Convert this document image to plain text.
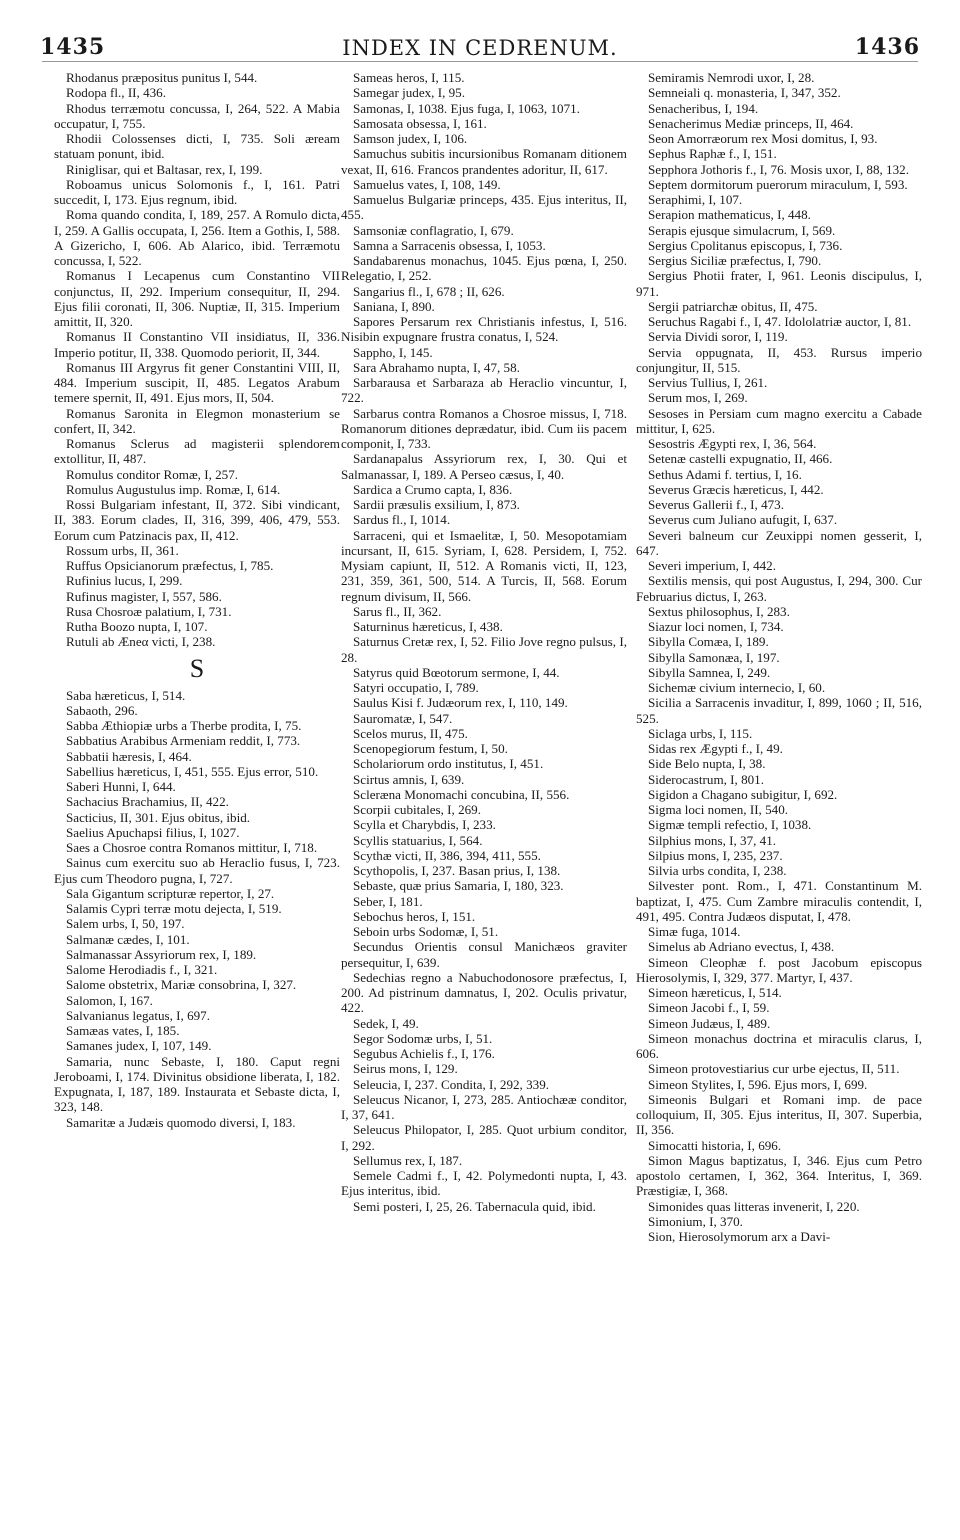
1435	INDEX IN CEDRENUM.	1436

Rhodanus præpositus punitus I, 544.

Rodopa fl., II, 436.

Rhodus terræmotu concussa, I, 264, 522. A Mabia occupatur, I, 755.

Rhodii Colossenses dicti, I, 735. Soli æream statuam ponunt, ibid.

Riniglisar, qui et Baltasar, rex, I, 199.

Roboamus unicus Solomonis f., I, 161. Patri succedit, I, 173. Ejus regnum, ibid.

Roma quando condita, I, 189, 257. A Romulo dicta, I, 259. A Gallis occupata, I, 256. Item a Gothis, I, 588. A Gizericho, I, 606. Ab Alarico, ibid. Terræmotu concussa, I, 522.

Romanus I Lecapenus cum Constantino VII conjunctus, II, 292. Imperium consequitur, II, 294. Ejus filii coronati, II, 306. Nuptiæ, II, 315. Imperium amittit, II, 320.

Romanus II Constantino VII insidiatus, II, 336. Imperio potitur, II, 338. Quomodo periorit, II, 344.

Romanus III Argyrus fit gener Constantini VIII, II, 484. Imperium suscipit, II, 485. Legatos Arabum temere spernit, II, 491. Ejus mors, II, 504.

Romanus Saronita in Elegmon monasterium se confert, II, 342.

Romanus Sclerus ad magisterii splendorem extollitur, II, 487.

Romulus conditor Romæ, I, 257.

Romulus Augustulus imp. Romæ, I, 614.

Rossi Bulgariam infestant, II, 372. Sibi vindicant, II, 383. Eorum clades, II, 316, 399, 406, 479, 553. Eorum cum Patzinacis pax, II, 412.

Rossum urbs, II, 361.

Ruffus Opsicianorum præfectus, I, 785.

Rufinius lucus, I, 299.

Rufinus magister, I, 557, 586.

Rusa Chosroæ palatium, I, 731.

Rutha Boozo nupta, I, 107.

Rutuli ab Æneα victi, I, 238.

S

Saba hæreticus, I, 514.

Sabaoth, 296.

Sabba Æthiopiæ urbs a Therbe prodita, I, 75.

Sabbatius Arabibus Armeniam reddit, I, 773.

Sabbatii hæresis, I, 464.

Sabellius hæreticus, I, 451, 555. Ejus error, 510.

Saberi Hunni, I, 644.

Sachacius Brachamius, II, 422.

Sacticius, II, 301. Ejus obitus, ibid.

Saelius Apuchapsi filius, I, 1027.

Saes a Chosroe contra Romanos mittitur, I, 718.

Sainus cum exercitu suo ab Heraclio fusus, I, 723. Ejus cum Theodoro pugna, I, 727.

Sala Gigantum scripturæ repertor, I, 27.

Salamis Cypri terræ motu dejecta, I, 519.

Salem urbs, I, 50, 197.

Salmanæ cædes, I, 101.

Salmanassar Assyriorum rex, I, 189.

Salome Herodiadis f., I, 321.

Salome obstetrix, Mariæ consobrina, I, 327.

Salomon, I, 167.

Salvanianus legatus, I, 697.

Samæas vates, I, 185.

Samanes judex, I, 107, 149.

Samaria, nunc Sebaste, I, 180. Caput regni Jeroboami, I, 174. Divinitus obsidione liberata, I, 182. Expugnata, I, 187, 189. Instaurata et Sebaste dicta, I, 323, 148.

Samaritæ a Judæis quomodo diversi, I, 183.

Sameas heros, I, 115.

Samegar judex, I, 95.

Samonas, I, 1038. Ejus fuga, I, 1063, 1071.

Samosata obsessa, I, 161.

Samson judex, I, 106.

Samuchus subitis incursionibus Romanam ditionem vexat, II, 616. Francos prandentes adoritur, II, 617.

Samuelus vates, I, 108, 149.

Samuelus Bulgariæ princeps, 435. Ejus interitus, II, 455.

Samsoniæ conflagratio, I, 679.

Samna a Sarracenis obsessa, I, 1053.

Sandabarenus monachus, 1045. Ejus pœna, I, 250. Relegatio, I, 252.

Sangarius fl., I, 678 ; II, 626.

Saniana, I, 890.

Sapores Persarum rex Christianis infestus, I, 516. Nisibin expugnare frustra conatus, I, 524.

Sappho, I, 145.

Sara Abrahamo nupta, I, 47, 58.

Sarbarausa et Sarbaraza ab Heraclio vincuntur, I, 722.

Sarbarus contra Romanos a Chosroe missus, I, 718. Romanorum ditiones deprædatur, ibid. Cum iis pacem componit, I, 733.

Sardanapalus Assyriorum rex, I, 30. Qui et Salmanassar, I, 189. A Perseo cæsus, I, 40.

Sardica a Crumo capta, I, 836.

Sardii præsulis exsilium, I, 873.

Sardus fl., I, 1014.

Sarraceni, qui et Ismaelitæ, I, 50. Mesopotamiam incursant, II, 615. Syriam, I, 628. Persidem, I, 752. Mysiam capiunt, II, 512. A Romanis victi, II, 123, 231, 359, 361, 500, 514. A Turcis, II, 568. Eorum regnum divisum, II, 566.

Sarus fl., II, 362.

Saturninus hæreticus, I, 438.

Saturnus Cretæ rex, I, 52. Filio Jove regno pulsus, I, 28.

Satyrus quid Bœotorum sermone, I, 44.

Satyri occupatio, I, 789.

Saulus Kisi f. Judæorum rex, I, 110, 149.

Sauromatæ, I, 547.

Scelos murus, II, 475.

Scenopegiorum festum, I, 50.

Scholariorum ordo institutus, I, 451.

Scirtus amnis, I, 639.

Scleræna Monomachi concubina, II, 556.

Scorpii cubitales, I, 269.

Scylla et Charybdis, I, 233.

Scyllis statuarius, I, 564.

Scythæ victi, II, 386, 394, 411, 555.

Scythopolis, I, 237. Basan prius, I, 138.

Sebaste, quæ prius Samaria, I, 180, 323.

Seber, I, 181.

Sebochus heros, I, 151.

Seboin urbs Sodomæ, I, 51.

Secundus Orientis consul Manichæos graviter persequitur, I, 639.

Sedechias regno a Nabuchodonosore præfectus, I, 200. Ad pistrinum damnatus, I, 202. Oculis privatur, 422.

Sedek, I, 49.

Segor Sodomæ urbs, I, 51.

Segubus Achielis f., I, 176.

Seirus mons, I, 129.

Seleucia, I, 237. Condita, I, 292, 339.

Seleucus Nicanor, I, 273, 285. Antiochææ conditor, I, 37, 641.

Seleucus Philopator, I, 285. Quot urbium conditor, I, 292.

Sellumus rex, I, 187.

Semele Cadmi f., I, 42. Polymedonti nupta, I, 43. Ejus interitus, ibid.

Semi posteri, I, 25, 26. Tabernacula quid, ibid.

Semiramis Nemrodi uxor, I, 28.

Semneiali q. monasteria, I, 347, 352.

Senacheribus, I, 194.

Senacherimus Mediæ princeps, II, 464.

Seon Amorræorum rex Mosi domitus, I, 93.

Sephus Raphæ f., I, 151.

Sepphora Jothoris f., I, 76. Mosis uxor, I, 88, 132.

Septem dormitorum puerorum miraculum, I, 593.

Seraphimi, I, 107.

Serapion mathematicus, I, 448.

Serapis ejusque simulacrum, I, 569.

Sergius Cpolitanus episcopus, I, 736.

Sergius Siciliæ præfectus, I, 790.

Sergius Photii frater, I, 961. Leonis discipulus, I, 971.

Sergii patriarchæ obitus, II, 475.

Seruchus Ragabi f., I, 47. Idololatriæ auctor, I, 81.

Servia Dividi soror, I, 119.

Servia oppugnata, II, 453. Rursus imperio conjungitur, II, 515.

Servius Tullius, I, 261.

Serum mos, I, 269.

Sesoses in Persiam cum magno exercitu a Cabade mittitur, I, 625.

Sesostris Ægypti rex, I, 36, 564.

Setenæ castelli expugnatio, II, 466.

Sethus Adami f. tertius, I, 16.

Severus Græcis hæreticus, I, 442.

Severus Gallerii f., I, 473.

Severus cum Juliano aufugit, I, 637.

Severi balneum cur Zeuxippi nomen gesserit, I, 647.

Severi imperium, I, 442.

Sextilis mensis, qui post Augustus, I, 294, 300. Cur Februarius dictus, I, 263.

Sextus philosophus, I, 283.

Siazur loci nomen, I, 734.

Sibylla Comæa, I, 189.

Sibylla Samonæa, I, 197.

Sibylla Samnea, I, 249.

Sichemæ civium internecio, I, 60.

Sicilia a Sarracenis invaditur, I, 899, 1060 ; II, 516, 525.

Siclaga urbs, I, 115.

Sidas rex Ægypti f., I, 49.

Side Belo nupta, I, 38.

Siderocastrum, I, 801.

Sigidon a Chagano subigitur, I, 692.

Sigma loci nomen, II, 540.

Sigmæ templi refectio, I, 1038.

Silphius mons, I, 37, 41.

Silpius mons, I, 235, 237.

Silvia urbs condita, I, 238.

Silvester pont. Rom., I, 471. Constantinum M. baptizat, I, 475. Cum Zambre miraculis contendit, I, 491, 495. Contra Judæos disputat, I, 478.

Simæ fuga, 1014.

Simelus ab Adriano evectus, I, 438.

Simeon Cleophæ f. post Jacobum episcopus Hierosolymis, I, 329, 377. Martyr, I, 437.

Simeon hæreticus, I, 514.

Simeon Jacobi f., I, 59.

Simeon Judæus, I, 489.

Simeon monachus doctrina et miraculis clarus, I, 606.

Simeon protovestiarius cur urbe ejectus, II, 511.

Simeon Stylites, I, 596. Ejus mors, I, 699.

Simeonis Bulgari et Romani imp. de pace colloquium, II, 305. Ejus interitus, II, 307. Superbia, II, 356.

Simocatti historia, I, 696.

Simon Magus baptizatus, I, 346. Ejus cum Petro apostolo certamen, I, 362, 364. Interitus, I, 369. Præstigiæ, I, 368.

Simonides quas litteras invenerit, I, 220.

Simonium, I, 370.

Sion, Hierosolymorum arx a Davi-
